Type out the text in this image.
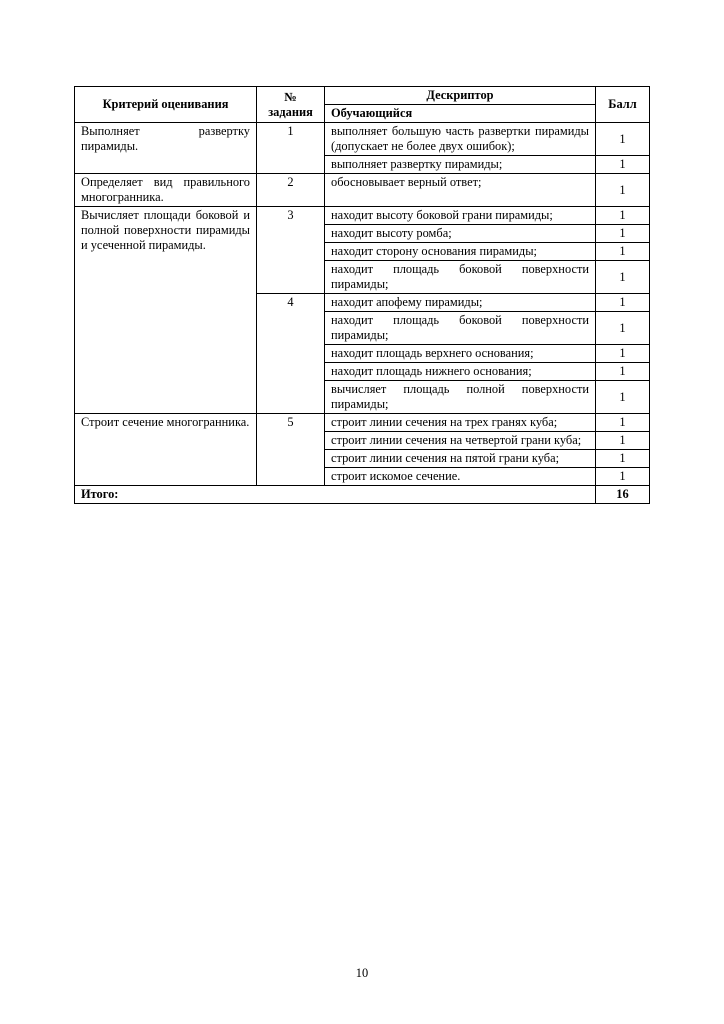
Критерий оценивания	№ задания	Дескриптор	Балл
		Обучающийся	
Выполняет развертку пирамиды.	1	выполняет большую часть развертки пирамиды (допускает не более двух ошибок);	1
		выполняет развертку пирамиды;	1
Определяет вид правильного многогранника.	2	обосновывает верный ответ;	1
Вычисляет площади боковой и полной поверхности пирамиды и усеченной пирамиды.	3	находит высоту боковой грани пирамиды;	1
		находит высоту ромба;	1
		находит сторону основания пирамиды;	1
		находит площадь боковой поверхности пирамиды;	1
	4	находит апофему пирамиды;	1
		находит площадь боковой поверхности пирамиды;	1
		находит площадь верхнего основания;	1
		находит площадь нижнего основания;	1
		вычисляет площадь полной поверхности пирамиды;	1
Строит сечение многогранника.	5	строит линии сечения на трех гранях куба;	1
		строит линии сечения на четвертой грани куба;	1
		строит линии сечения на пятой грани куба;	1
		строит искомое сечение.	1
Итого:			16
10
